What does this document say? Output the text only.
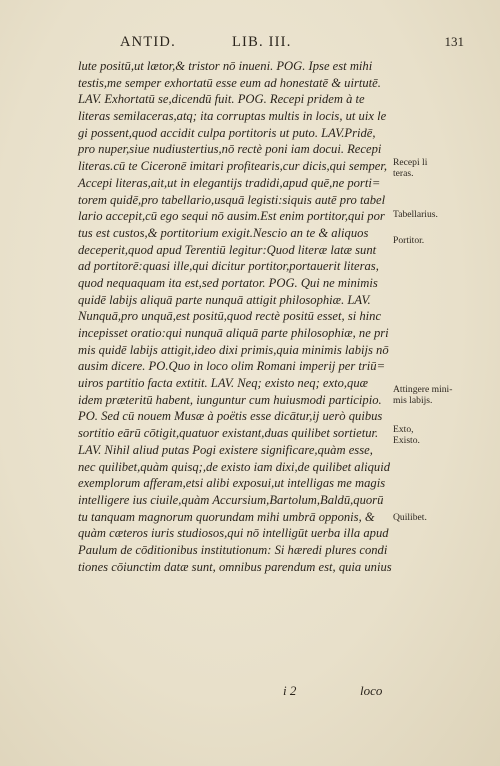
ANTID.	LIB. III.	131
lute positū,ut lætor,& tristor nō inueni. POG. Ipse est mihi
testis,me semper exhortatū esse eum ad honestatē & uirtutē.
LAV. Exhortatū se,dicendū fuit. POG. Recepi pridem à te
literas semilaceras,atq; ita corruptas multis in locis, ut uix le
gi possent,quod accidit culpa portitoris ut puto. LAV.Pridē,
pro nuper,siue nudiustertius,nō rectè poni iam docui. Recepi
literas.cū te Ciceronē imitari profitearis,cur dicis,qui semper,
Accepi literas,ait,ut in elegantijs tradidi,apud quē,ne porti=
torem quidē,pro tabellario,usquā legisti:siquis autē pro tabel
lario accepit,cū ego sequi nō ausim.Est enim portitor,qui por
tus est custos,& portitorium exigit.Nescio an te & aliquos
deceperit,quod apud Terentiū legitur:Quod literæ latæ sunt
ad portitorē:quasi ille,qui dicitur portitor,portauerit literas,
quod nequaquam ita est,sed portator. POG. Qui ne minimis
quidē labijs aliquā parte nunquā attigit philosophiæ. LAV.
Nunquā,pro unquā,est positū,quod rectè positū esset, si hinc
incepisset oratio:qui nunquā aliquā parte philosophiæ, ne pri
mis quidē labijs attigit,ideo dixi primis,quia minimis labijs nō
ausim dicere. PO.Quo in loco olim Romani imperij per triū=
uiros partitio facta extitit. LAV. Neq; existo neq; exto,quæ
idem præteritū habent, iunguntur cum huiusmodi participio.
PO. Sed cū nouem Musæ à poëtis esse dicātur,ij uerò quibus
sortitio eārū cōtigit,quatuor existant,duas quilibet sortietur.
LAV. Nihil aliud putas Pogi existere significare,quàm esse,
nec quilibet,quàm quisq;,de existo iam dixi,de quilibet aliquid
exemplorum afferam,etsi alibi exposui,ut intelligas me magis
intelligere ius ciuile,quàm Accursium,Bartolum,Baldū,quorū
tu tanquam magnorum quorundam mihi umbrā opponis, &
quàm cæteros iuris studiosos,qui nō intelligūt uerba illa apud
Paulum de cōditionibus institutionum: Si hæredi plures condi
tiones cōiunctim datæ sunt, omnibus parendum est, quia unius
Recepi li
teras.
Tabellarius.
Portitor.
Attingere mini-
mis labijs.
Exto,
Existo.
Quilibet.
i 2	loco
